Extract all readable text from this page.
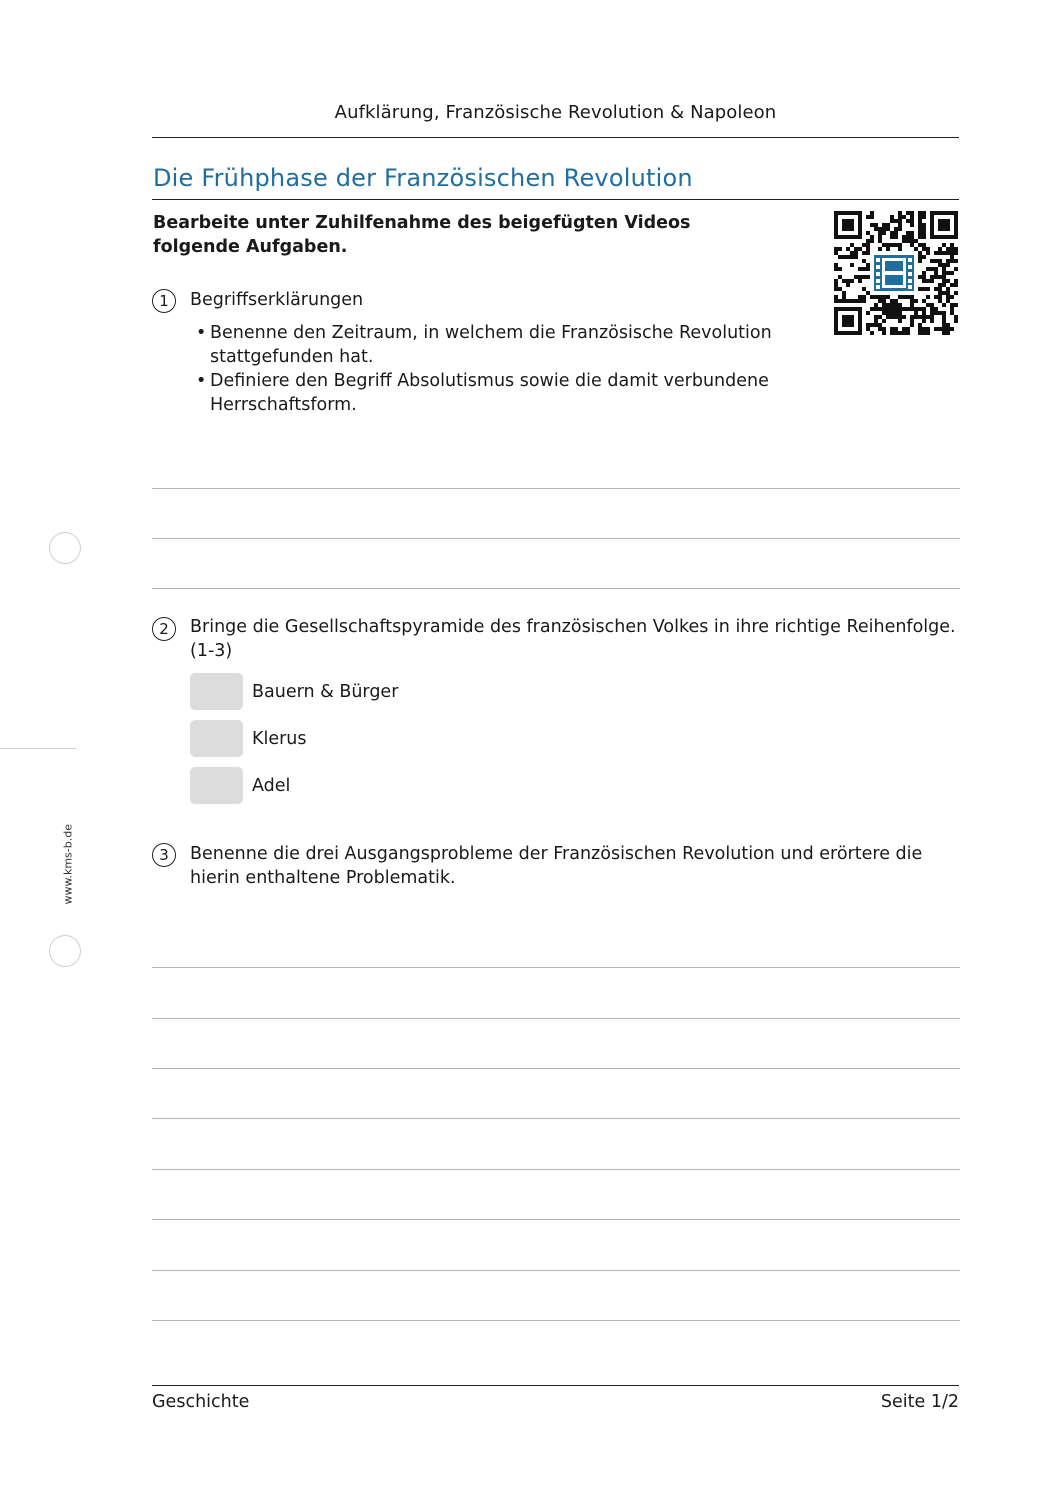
Aufklärung, Französische Revolution & Napoleon
Die Frühphase der Französischen Revolution
Bearbeite unter Zuhilfenahme des beigefügten Videos folgende Aufgaben.
1	Begriffserklärungen
• Benenne den Zeitraum, in welchem die Französische Revolution stattgefunden hat.
• Definiere den Begriff Absolutismus sowie die damit verbundene Herrschaftsform.
2	Bringe die Gesellschaftspyramide des französischen Volkes in ihre richtige Reihenfolge. (1-3)
Bauern & Bürger
Klerus
Adel
3	Benenne die drei Ausgangsprobleme der Französischen Revolution und erörtere die hierin enthaltene Problematik.
www.kms-b.de
Geschichte	Seite 1/2
